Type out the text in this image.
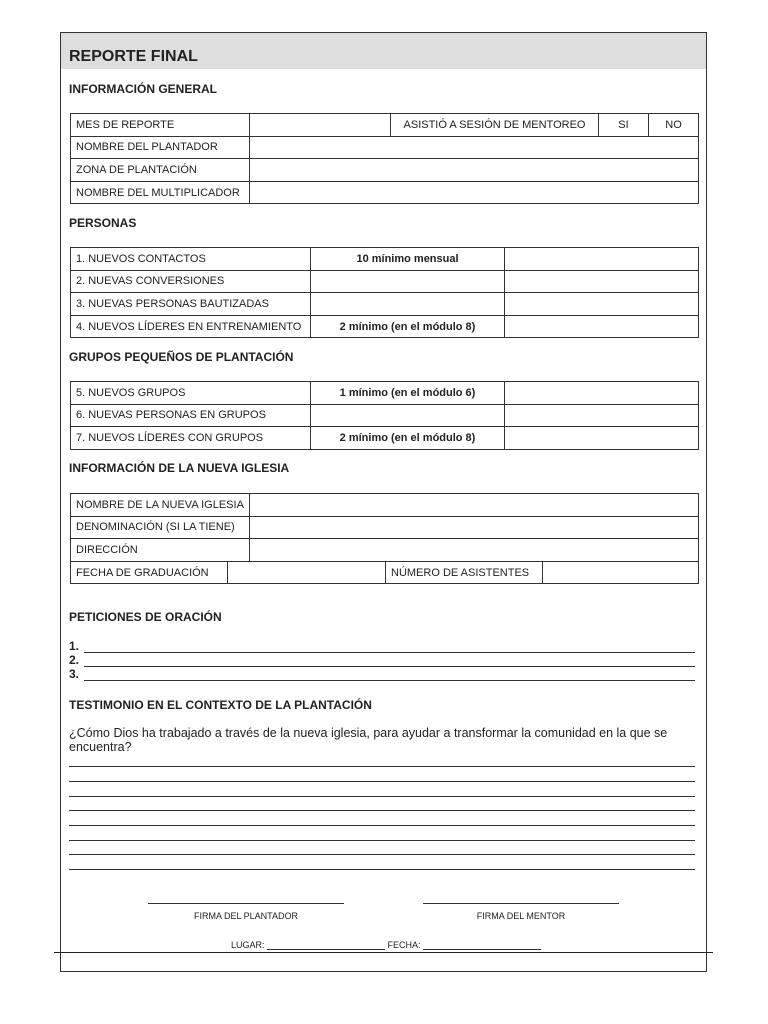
REPORTE FINAL
INFORMACIÓN GENERAL
MES DE REPORTE		ASISTIÓ A SESIÓN DE MENTOREO	SI	NO
NOMBRE DEL PLANTADOR				
ZONA DE PLANTACIÓN				
NOMBRE DEL MULTIPLICADOR				
PERSONAS
1. NUEVOS CONTACTOS	10 mínimo mensual	
2. NUEVAS CONVERSIONES		
3. NUEVAS PERSONAS BAUTIZADAS		
4. NUEVOS LÍDERES EN ENTRENAMIENTO	2 mínimo (en el módulo 8)	
GRUPOS PEQUEÑOS DE PLANTACIÓN
5. NUEVOS GRUPOS	1 mínimo (en el módulo 6)	
6. NUEVAS PERSONAS EN GRUPOS		
7. NUEVOS LÍDERES CON GRUPOS	2 mínimo (en el módulo 8)	
INFORMACIÓN DE LA NUEVA IGLESIA
NOMBRE DE LA NUEVA IGLESIA				
DENOMINACIÓN (SI LA TIENE)				
DIRECCIÓN				
FECHA DE GRADUACIÓN			NÚMERO DE ASISTENTES	
PETICIONES DE ORACIÓN
1.
2.
3.
TESTIMONIO EN EL CONTEXTO DE LA PLANTACIÓN
¿Cómo Dios ha trabajado a través de la nueva iglesia, para ayudar a transformar la comunidad en la que se encuentra?
FIRMA DEL PLANTADOR	FIRMA DEL MENTOR
LUGAR:	FECHA:
